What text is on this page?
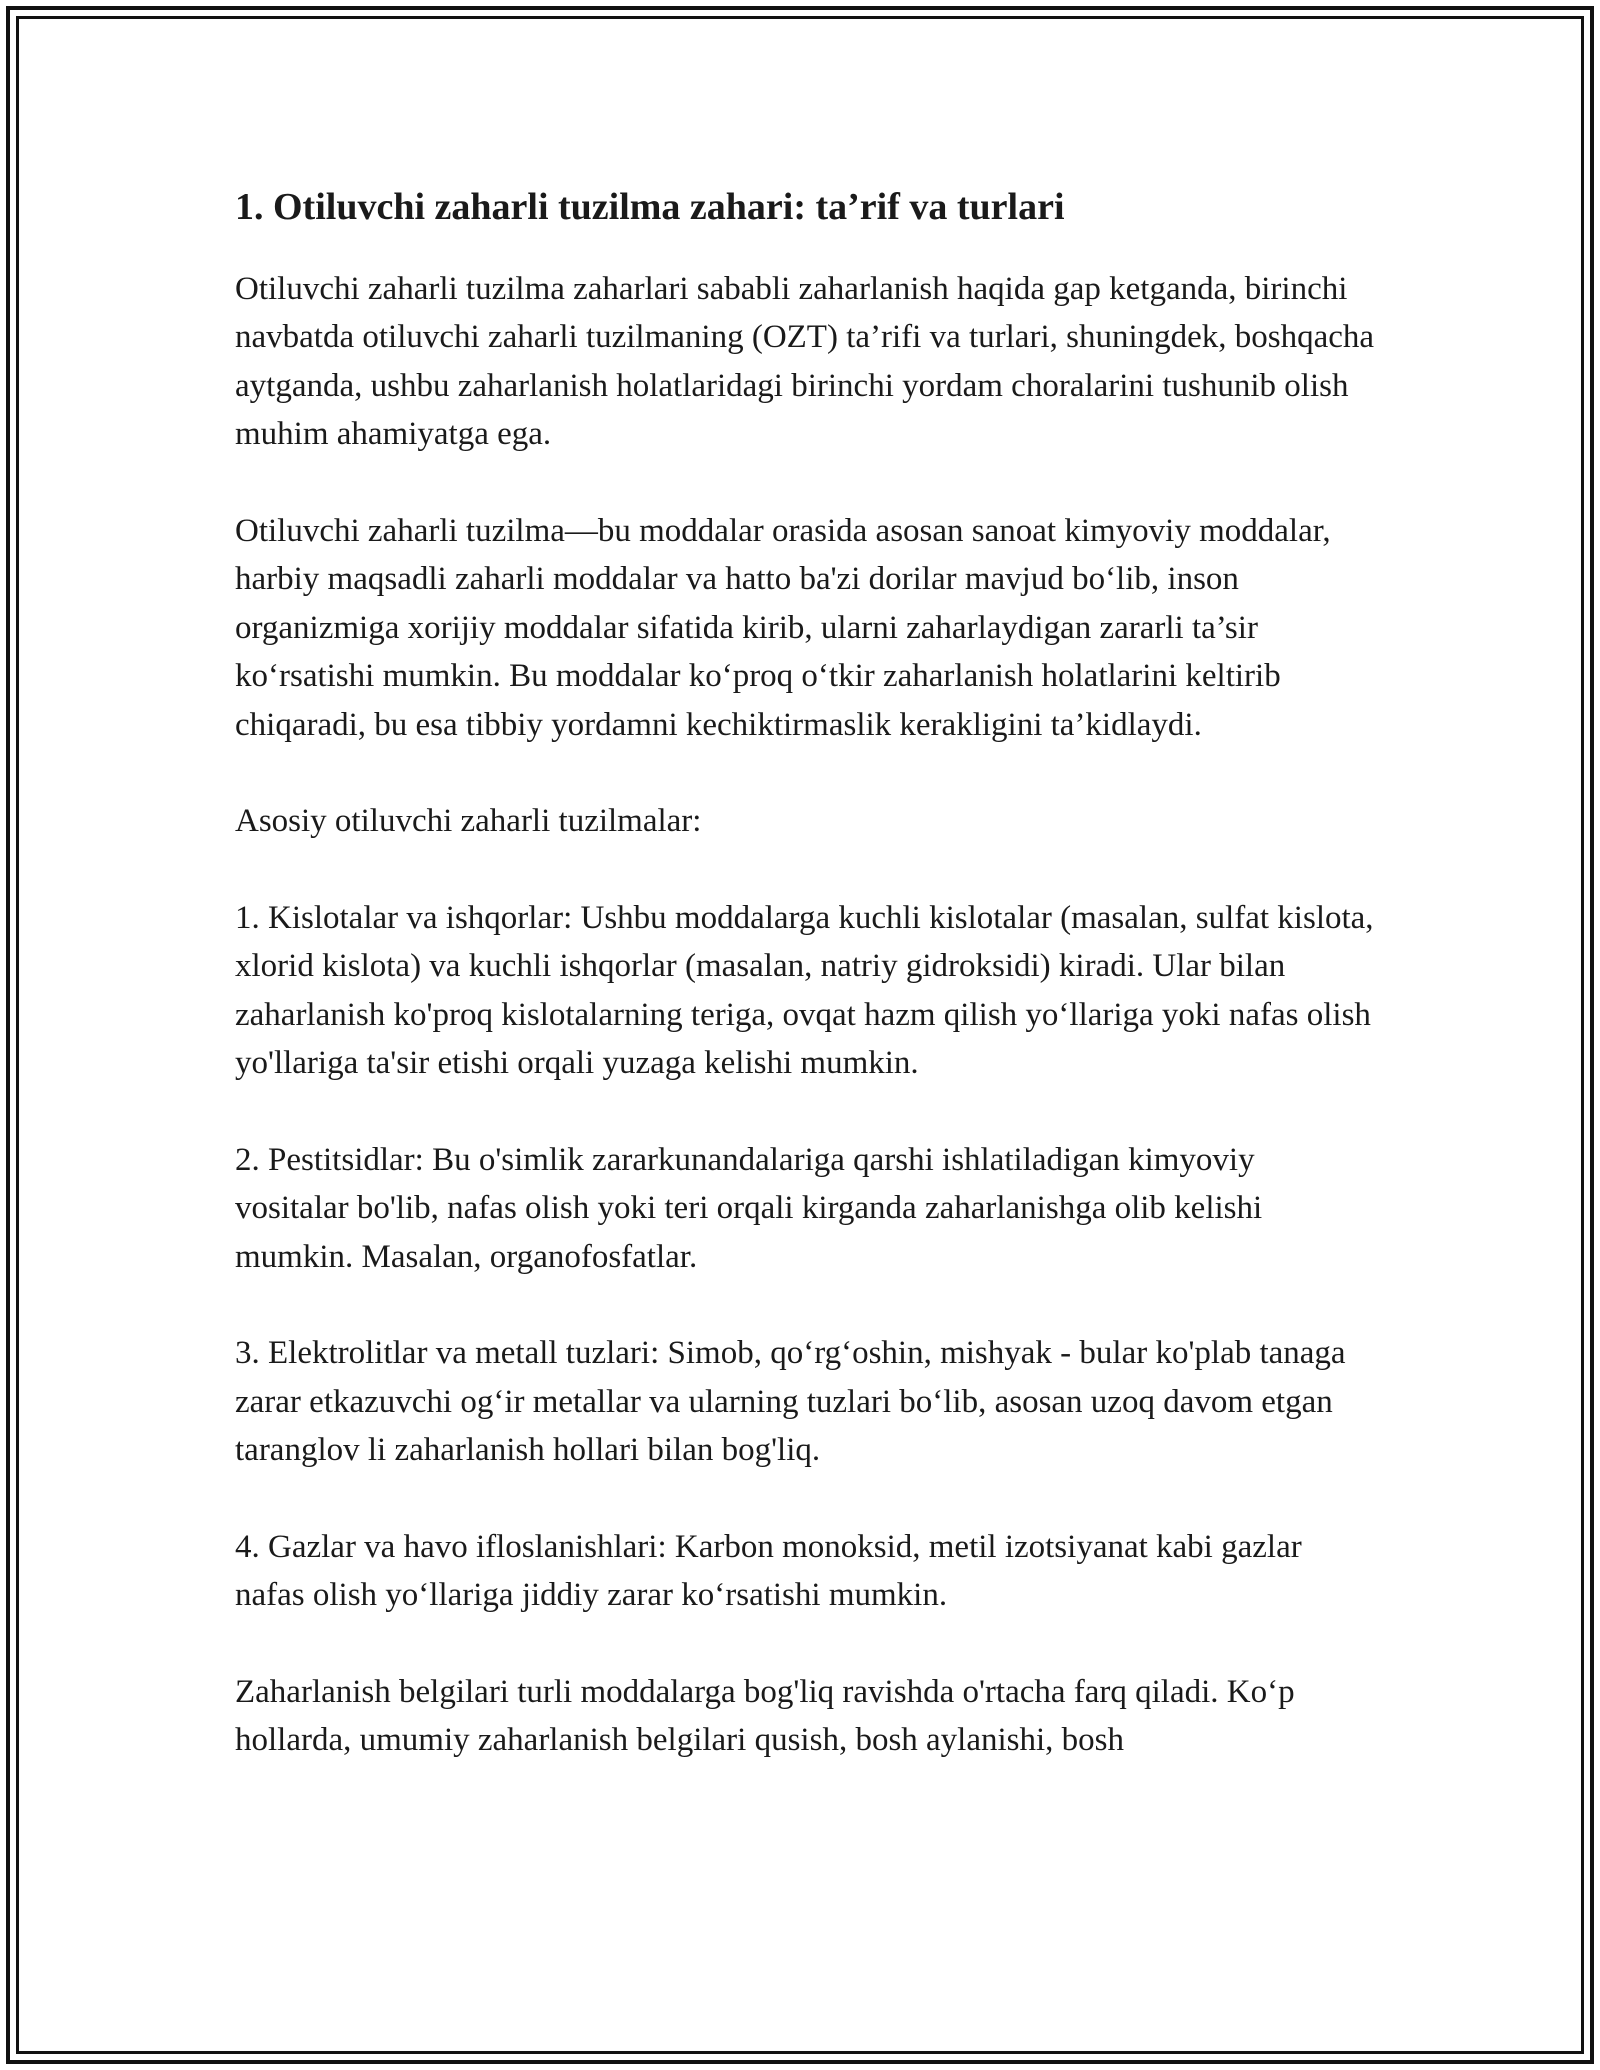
1. Otiluvchi zaharli tuzilma zahari: ta’rif va turlari

Otiluvchi zaharli tuzilma zaharlari sababli zaharlanish haqida gap ketganda, birinchi navbatda otiluvchi zaharli tuzilmaning (OZT) ta’rifi va turlari, shuningdek, boshqacha aytganda, ushbu zaharlanish holatlaridagi birinchi yordam choralarini tushunib olish muhim ahamiyatga ega.

Otiluvchi zaharli tuzilma—bu moddalar orasida asosan sanoat kimyoviy moddalar, harbiy maqsadli zaharli moddalar va hatto ba'zi dorilar mavjud bo‘lib, inson organizmiga xorijiy moddalar sifatida kirib, ularni zaharlaydigan zararli ta’sir ko‘rsatishi mumkin. Bu moddalar ko‘proq o‘tkir zaharlanish holatlarini keltirib chiqaradi, bu esa tibbiy yordamni kechiktirmaslik kerakligini ta’kidlaydi.

Asosiy otiluvchi zaharli tuzilmalar:

1. Kislotalar va ishqorlar: Ushbu moddalarga kuchli kislotalar (masalan, sulfat kislota, xlorid kislota) va kuchli ishqorlar (masalan, natriy gidroksidi) kiradi. Ular bilan zaharlanish ko'proq kislotalarning teriga, ovqat hazm qilish yo‘llariga yoki nafas olish yo'llariga ta'sir etishi orqali yuzaga kelishi mumkin.

2. Pestitsidlar: Bu o'simlik zararkunandalariga qarshi ishlatiladigan kimyoviy vositalar bo'lib, nafas olish yoki teri orqali kirganda zaharlanishga olib kelishi mumkin. Masalan, organofosfatlar.

3. Elektrolitlar va metall tuzlari: Simob, qo‘rg‘oshin, mishyak - bular ko'plab tanaga zarar etkazuvchi og‘ir metallar va ularning tuzlari bo‘lib, asosan uzoq davom etgan taranglov li zaharlanish hollari bilan bog'liq.

4. Gazlar va havo ifloslanishlari: Karbon monoksid, metil izotsiyanat kabi gazlar nafas olish yo‘llariga jiddiy zarar ko‘rsatishi mumkin.

Zaharlanish belgilari turli moddalarga bog'liq ravishda o'rtacha farq qiladi. Ko‘p hollarda, umumiy zaharlanish belgilari qusish, bosh aylanishi, bosh
